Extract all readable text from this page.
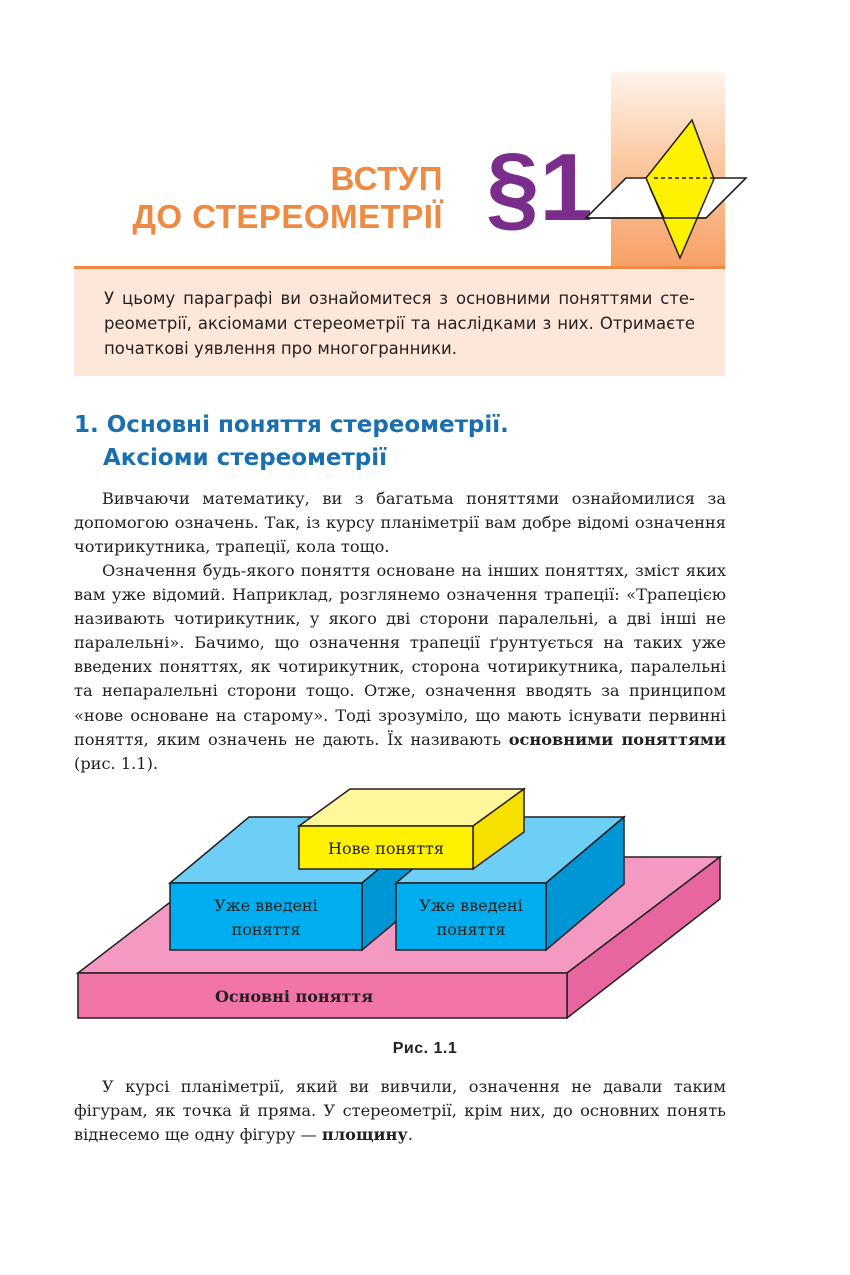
ВСТУП
ДО СТЕРЕОМЕТРІЇ §1
У цьому параграфі ви ознайомитеся з основними поняттями сте-реометрії, аксіомами стереометрії та наслідками з них. Отримаєте початкові уявлення про многогранники.
1. Основні поняття стереометрії.
Аксіоми стереометрії

Вивчаючи математику, ви з багатьма поняттями ознайомилися за допомогою означень. Так, із курсу планіметрії вам добре відомі означення чотирикутника, трапеції, кола тощо.

Означення будь-якого поняття основане на інших поняттях, зміст яких вам уже відомий. Наприклад, розглянемо означення трапеції: «Трапецією називають чотирикутник, у якого дві сторони паралельні, а дві інші не паралельні». Бачимо, що означення трапеції ґрунтується на таких уже введених поняттях, як чотирикутник, сторона чотирикутника, паралельні та непаралельні сторони тощо. Отже, означення вводять за принципом «нове основане на старому». Тоді зрозуміло, що мають існувати первинні поняття, яким означень не дають. Їх називають основними поняттями (рис. 1.1).

Основні поняття
Уже введені
поняття
Уже введені
поняття
Нове поняття

Рис. 1.1

У курсі планіметрії, який ви вивчили, означення не давали таким фігурам, як точка й пряма. У стереометрії, крім них, до основних понять віднесемо ще одну фігуру — площину.
